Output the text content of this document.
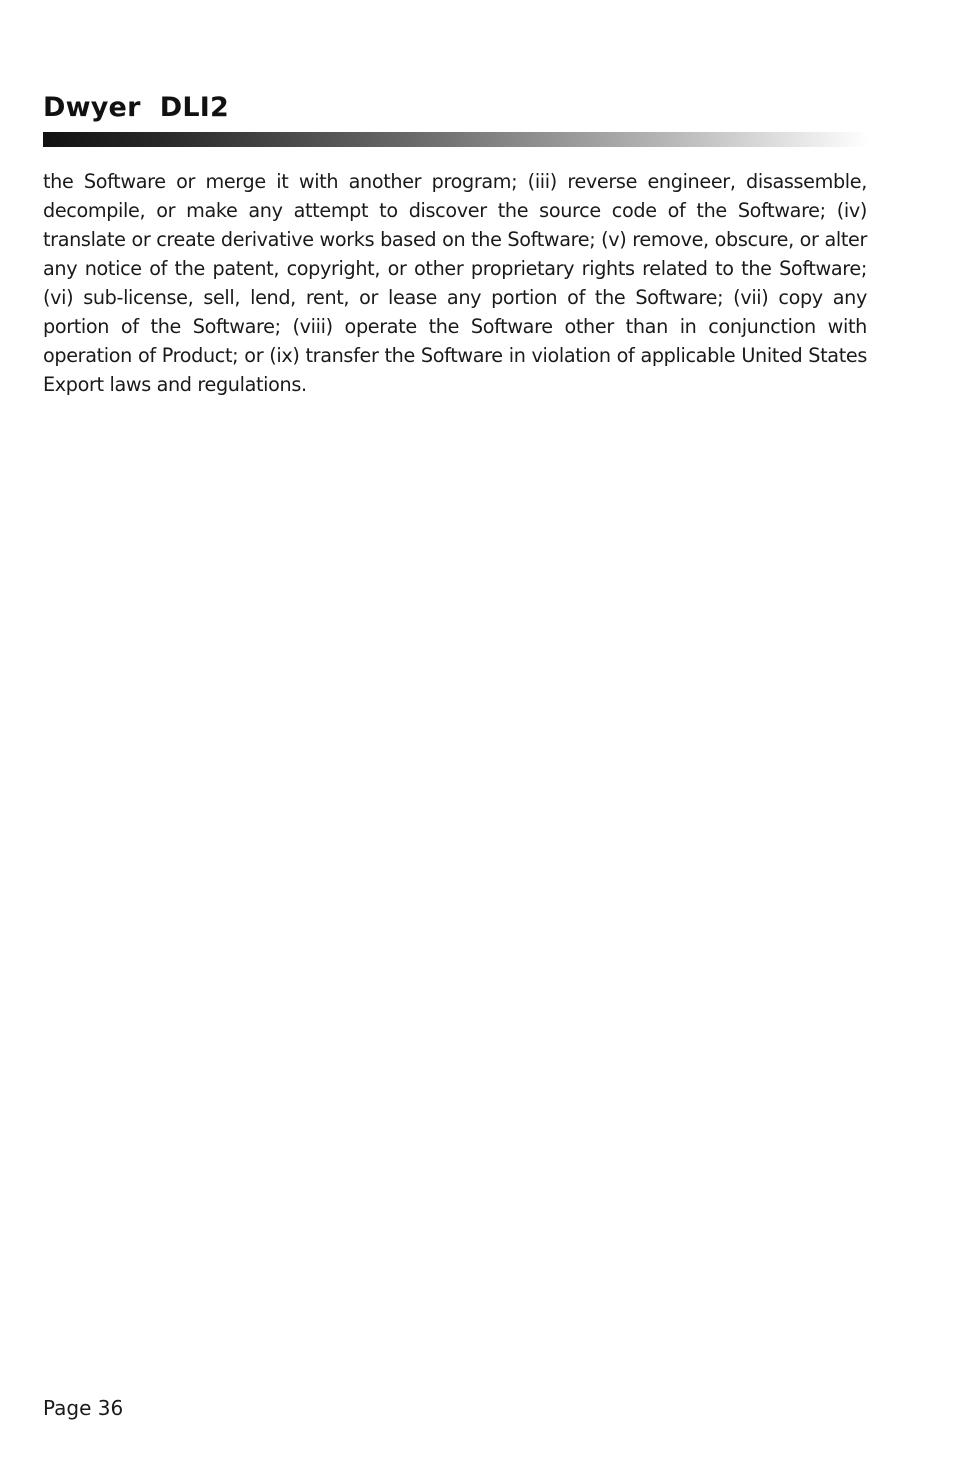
Dwyer  DLI2

the Software or merge it with another program; (iii) reverse engineer, disassemble, decompile, or make any attempt to discover the source code of the Software; (iv) translate or create derivative works based on the Software; (v) remove, obscure, or alter any notice of the patent, copyright, or other proprietary rights related to the Software; (vi) sub-license, sell, lend, rent, or lease any portion of the Software; (vii) copy any portion of the Software; (viii) operate the Software other than in conjunction with operation of Product; or (ix) transfer the Software in violation of applicable United States Export laws and regulations.

Page 36
